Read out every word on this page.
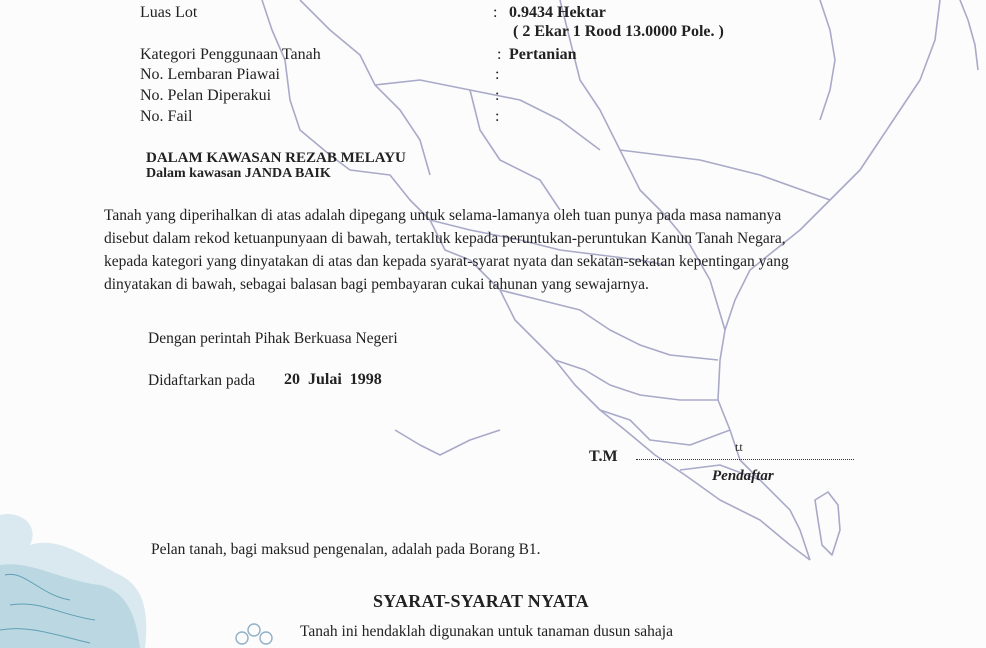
Luas Lot	: 0.9434 Hektar
( 2 Ekar 1 Rood 13.0000 Pole. )
Kategori Penggunaan Tanah	: Pertanian
No. Lembaran Piawai	:
No. Pelan Diperakui	:
No. Fail	:
DALAM KAWASAN REZAB MELAYU
Dalam kawasan JANDA BAIK
Tanah yang diperihalkan di atas adalah dipegang untuk selama-lamanya oleh tuan punya pada masa namanya
disebut dalam rekod ketuanpunyaan di bawah, tertakluk kepada peruntukan-peruntukan Kanun Tanah Negara,
kepada kategori yang dinyatakan di atas dan kepada syarat-syarat nyata dan sekatan-sekatan kepentingan yang
dinyatakan di bawah, sebagai balasan bagi pembayaran cukai tahunan yang sewajarnya.
Dengan perintah Pihak Berkuasa Negeri
Didaftarkan pada 20  Julai  1998
T.M
t.t
Pendaftar
Pelan tanah, bagi maksud pengenalan, adalah pada Borang B1.
SYARAT-SYARAT NYATA
Tanah ini hendaklah digunakan untuk tanaman dusun sahaja
